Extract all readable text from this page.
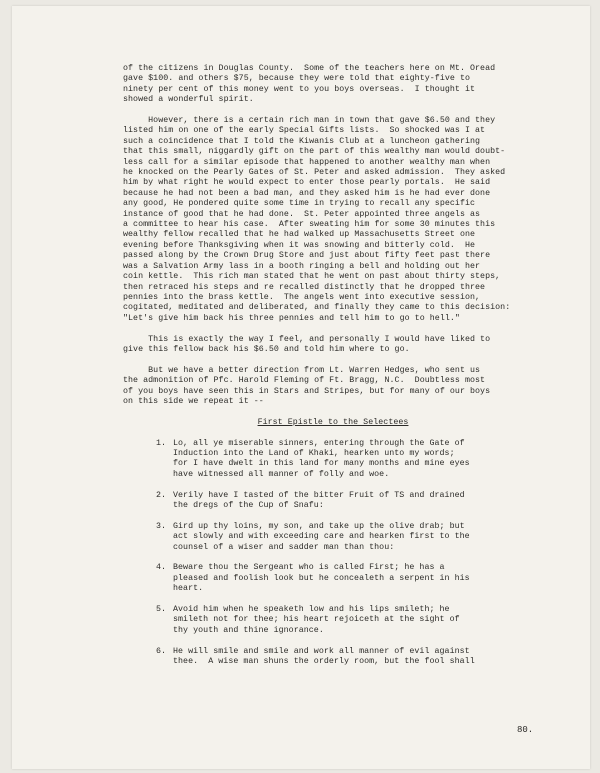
of the citizens in Douglas County.  Some of the teachers here on Mt. Oread
gave $100. and others $75, because they were told that eighty-five to
ninety per cent of this money went to you boys overseas.  I thought it
showed a wonderful spirit.
However, there is a certain rich man in town that gave $6.50 and they
listed him on one of the early Special Gifts lists.  So shocked was I at
such a coincidence that I told the Kiwanis Club at a luncheon gathering
that this small, niggardly gift on the part of this wealthy man would doubt-
less call for a similar episode that happened to another wealthy man when
he knocked on the Pearly Gates of St. Peter and asked admission.  They asked
him by what right he would expect to enter those pearly portals.  He said
because he had not been a bad man, and they asked him is he had ever done
any good, He pondered quite some time in trying to recall any specific
instance of good that he had done.  St. Peter appointed three angels as
a committee to hear his case.  After sweating him for some 30 minutes this
wealthy fellow recalled that he had walked up Massachusetts Street one
evening before Thanksgiving when it was snowing and bitterly cold.  He
passed along by the Crown Drug Store and just about fifty feet past there
was a Salvation Army lass in a booth ringing a bell and holding out her
coin kettle.  This rich man stated that he went on past about thirty steps,
then retraced his steps and re recalled distinctly that he dropped three
pennies into the brass kettle.  The angels went into executive session,
cogitated, meditated and deliberated, and finally they came to this decision:
"Let's give him back his three pennies and tell him to go to hell."
This is exactly the way I feel, and personally I would have liked to
give this fellow back his $6.50 and told him where to go.
But we have a better direction from Lt. Warren Hedges, who sent us
the admonition of Pfc. Harold Fleming of Ft. Bragg, N.C.  Doubtless most
of you boys have seen this in Stars and Stripes, but for many of our boys
on this side we repeat it --
First Epistle to the Selectees
1. Lo, all ye miserable sinners, entering through the Gate of
Induction into the Land of Khaki, hearken unto my words;
for I have dwelt in this land for many months and mine eyes
have witnessed all manner of folly and woe.
2. Verily have I tasted of the bitter Fruit of TS and drained
the dregs of the Cup of Snafu:
3. Gird up thy loins, my son, and take up the olive drab; but
act slowly and with exceeding care and hearken first to the
counsel of a wiser and sadder man than thou:
4. Beware thou the Sergeant who is called First; he has a
pleased and foolish look but he concealeth a serpent in his
heart.
5. Avoid him when he speaketh low and his lips smileth; he
smileth not for thee; his heart rejoiceth at the sight of
thy youth and thine ignorance.
6. He will smile and smile and work all manner of evil against
thee.  A wise man shuns the orderly room, but the fool shall
80.
